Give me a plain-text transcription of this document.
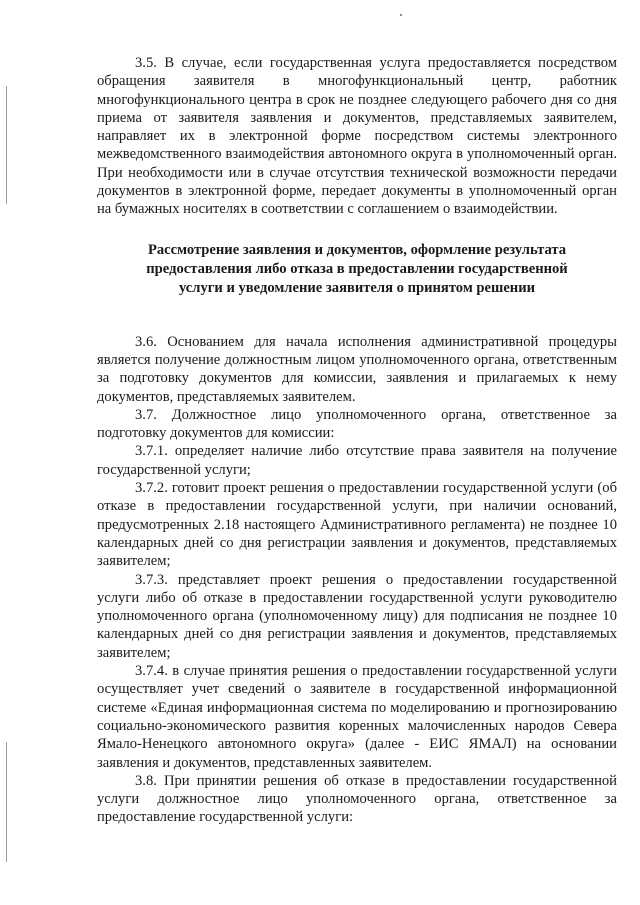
3.5. В случае, если государственная услуга предоставляется посредством обращения заявителя в многофункциональный центр, работник многофункционального центра в срок не позднее следующего рабочего дня со дня приема от заявителя заявления и документов, представляемых заявителем, направляет их в электронной форме посредством системы электронного межведомственного взаимодействия автономного округа в уполномоченный орган. При необходимости или в случае отсутствия технической возможности передачи документов в электронной форме, передает документы в уполномоченный орган на бумажных носителях в соответствии с соглашением о взаимодействии.

Рассмотрение заявления и документов, оформление результата
предоставления либо отказа в предоставлении государственной
услуги и уведомление заявителя о принятом решении

3.6. Основанием для начала исполнения административной процедуры является получение должностным лицом уполномоченного органа, ответственным за подготовку документов для комиссии, заявления и прилагаемых к нему документов, представляемых заявителем.

3.7. Должностное лицо уполномоченного органа, ответственное за подготовку документов для комиссии:

3.7.1. определяет наличие либо отсутствие права заявителя на получение государственной услуги;

3.7.2. готовит проект решения о предоставлении государственной услуги (об отказе в предоставлении государственной услуги, при наличии оснований, предусмотренных 2.18 настоящего Административного регламента) не позднее 10 календарных дней со дня регистрации заявления и документов, представляемых заявителем;

3.7.3. представляет проект решения о предоставлении государственной услуги либо об отказе в предоставлении государственной услуги руководителю уполномоченного органа (уполномоченному лицу) для подписания не позднее 10 календарных дней со дня регистрации заявления и документов, представляемых заявителем;

3.7.4. в случае принятия решения о предоставлении государственной услуги осуществляет учет сведений о заявителе в государственной информационной системе «Единая информационная система по моделированию и прогнозированию социально-экономического развития коренных малочисленных народов Севера Ямало-Ненецкого автономного округа» (далее - ЕИС ЯМАЛ) на основании заявления и документов, представленных заявителем.

3.8. При принятии решения об отказе в предоставлении государственной услуги должностное лицо уполномоченного органа, ответственное за предоставление государственной услуги:
